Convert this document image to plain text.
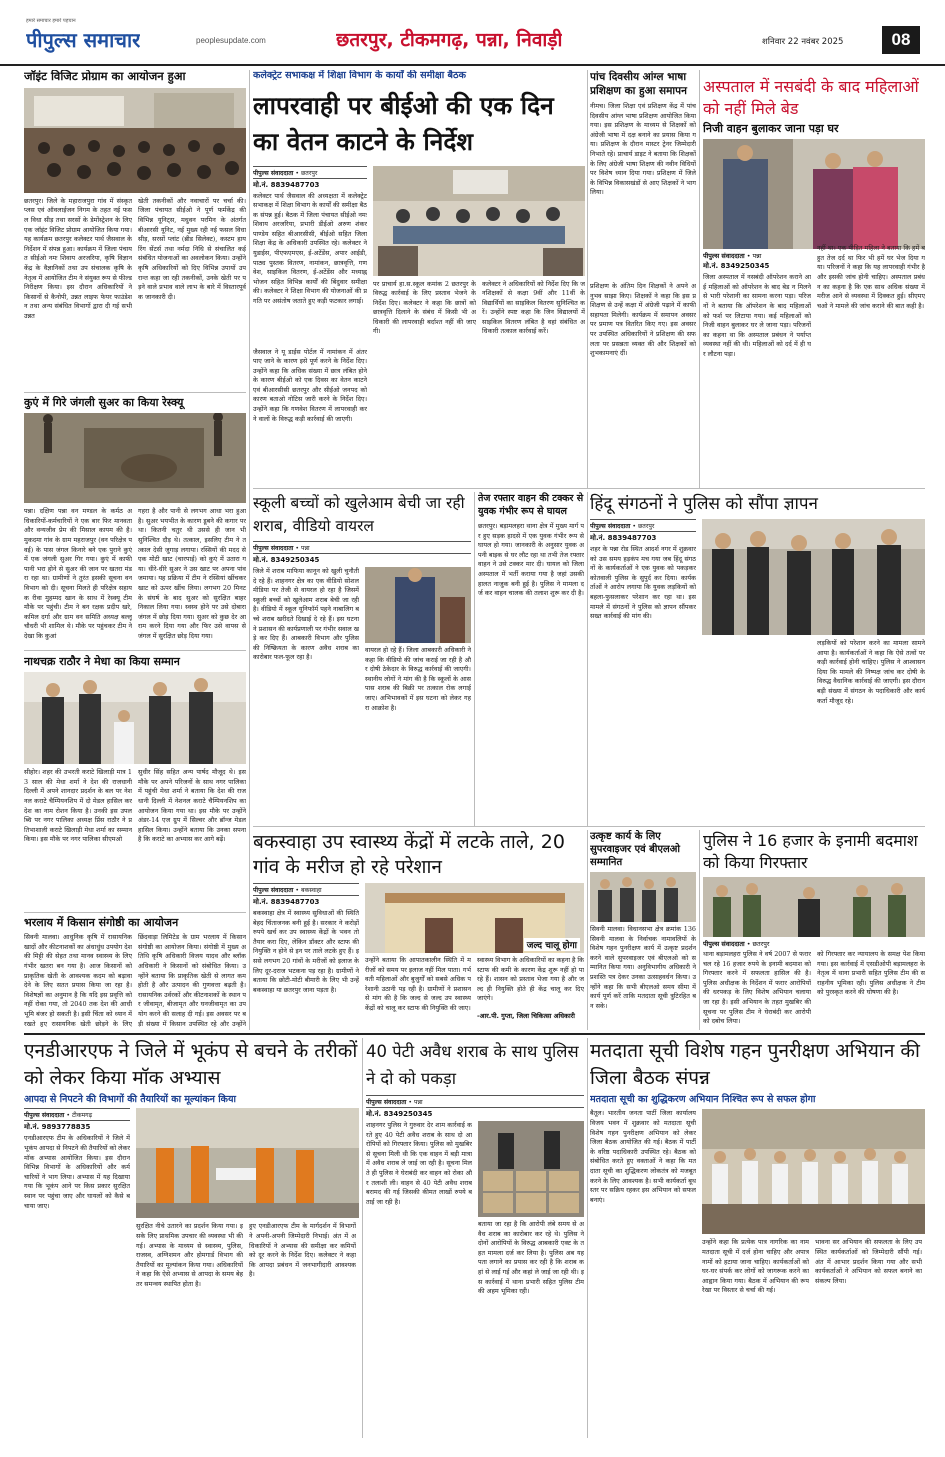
हमारे समाचार हमारे पहचान
पीपुल्स समाचार	peoplesupdate.com	छतरपुर, टीकमगढ़, पन्ना, निवाड़ी	शनिवार 22 नवंबर 2025	08
जॉइंट विजिट प्रोग्राम का आयोजन हुआ
छतरपुर। जिले के महाराजपुरा गांव में संस्कृत प्लस एवं ऑवलाईजन निगम के तहत नई फसल विधा सीड़ तथा सरसों के डेमोंस्ट्रेशन के लिए एक जॉइंट विजिट प्रोग्राम आयोजित किया गया। यह कार्यक्रम छतरपुर कलेक्टर पार्थ जैसवाल के निर्देशन में संपन्न हुआ। कार्यक्रम में जिला पंचायत सीईओ नमः शिवाय अरजरिया, कृषि विज्ञान केंद्र के वैज्ञानिकों तथा उप संचालक कृषि के नेतृत्व में आयोजित टीम ने संयुक्त रूप से फील्ड निरीक्षण किया। इस दौरान अधिकारियों ने किसानों से कैनोपी, उन्नत लाइफ फेयर फाउंडेशन तथा अन्य संबंधित विभागों द्वारा दी गई सभी उन्नत
खेती तकनीकों और नवाचारों पर चर्चा की। जिला पंचायत सीईओ ने पूर्ण फर्मकेंद्र की विभिन्न यूनिट्स, मधुवन परमिन के अंतर्गत बीआरसी यूनिट, नई मुख्य रही नई फसल विधा सीड़, सरसों प्लांट (ब्रीड सिलेक्ट), कस्टम हायरिंग सेंटर्स तथा नर्मदा निधि से संचालित कई संबंधित योजनाओं का अवलोकन किया। उन्होंने कृषि अधिकारियों को दिए विभिन्न उपायों उपरान्त कहा जा रही तकनीकों, उनके खेती पर पड़ने वाले प्रभाव वाले लाभ के बारे में विस्तारपूर्वक जानकारी दी।
कुएं में गिरे जंगली सुअर का किया रेस्क्यू
पन्ना। दक्षिण पन्ना वन मण्डल के कर्मठ अधिकारियों-कर्मचारियों ने एक बार फिर मानवता और वन्यजीव प्रेम की मिसाल कायम की है। मुकदमा गांव के ग्राम महराजपुर (वन परिक्षेत्र पवई) के पास जंगल किनारे बने एक पुराने कुएं में एक जंगली सुअर गिर गया। कुएं में काफी पानी भरा होने से सुअर की जान पर खतरा मंडरा रहा था। ग्रामीणों ने तुरंत इसकी सूचना वन विभाग को दी। सूचना मिलते ही परिक्षेत्र सहायक रीवा मुहम्मद खान के साथ में रेस्क्यू टीम मौके पर पहुंची। टीम ने बन रक्षक प्रदीप खरे, कमिल दर्गा और ग्राम वन समिति अध्यक्ष बल्लू चौधरी भी शामिल थे। मौके पर पहुंचकर टीम ने देखा कि कुआं
गहरा है और पानी से लगभग आधा भरा हुआ है। सुअर भयभीत के कारण डूबने की कगार पर था। कितनी चतुर थी उससे ही जान भी सुनिश्चित दौड़ थे। तत्काल, इसलिए टीम ने तत्काल देसी जुगाड़ लगाया। रस्सियों की मदद से एक मोटी खाट (चारपाई) को कुएं में उतारा गया। धीरे-धीरे सुअर ने उस खाट पर अपना पांव जमाया। यह प्रक्रिया में टीम ने रस्सियां खींचकर खाट को ऊपर खींच लिया। लगभग 20 मिनट के संघर्ष के बाद सुअर को सुरक्षित बाहर निकाल लिया गया। स्वस्थ होने पर उसे दोबारा जंगल में छोड़ दिया गया। सुअर को कुछ देर आराम करने दिया गया और फिर उसे वापस से जंगल में सुरक्षित छोड़ दिया गया।
नाथचक्र राठौर ने मेधा का किया सम्मान
सीहोर। शहर की उभरती कराटे खिलाड़ी मात्र 13 साल की मेधा शर्मा ने देश की राजधानी दिल्ली में अपने शानदार प्रदर्शन के बल पर नेशनल कराटे चैम्पियनशिप में दो मेडल हासिल कर देश का नाम रोशन किया है। उनकी इस उपलब्धि पर नगर पालिका अध्यक्ष प्रिंस राठौर ने प्रतिभाशाली कराटे खिलाड़ी मेधा शर्मा का सम्मान किया। इस मौके पर नगर पालिका सीएमओ
सुधीर सिंह सहित अन्य पार्षद मौजूद थे। इस मौके पर अपने परिजनों के साथ नगर पालिका में पहुंची मेधा शर्मा ने बताया कि देश की राजधानी दिल्ली में नेशनल कराटे चैम्पियनशिप का आयोजन किया गया था। इस मौके पर उन्होंने अंडर-14 एज ग्रुप में सिल्वर और ब्रॉन्ज मेडल हासिल किया। उन्होंने बताया कि उनका सपना है कि कराटे का अभ्यास कर आगे बढ़ें।
भरलाय में किसान संगोष्ठी का आयोजन
सिवनी मालवा। आधुनिक कृषि में रासायनिक खादों और कीटनाशकों का अंधाधुंध उपयोग देश की मिट्टी की सेहत तथा मानव स्वास्थ्य के लिए गंभीर खतरा बन गया है। आज किसानों को प्राकृतिक खेती के आवश्यक कदम को बढ़ावा देने के लिए सतत प्रयास किया जा रहा है। विशेषज्ञों का अनुमान है कि यदि इस प्रवृत्ति को नहीं रोका गया, तो 2040 तक देश की आधी भूमि बंजर हो सकती है। इसी चिंता को ध्यान में रखते हुए रासायनिक खेती छोड़ने के लिए
छिंदवाड़ा लिमिटेड के ग्राम भरलाय में किसान संगोष्ठी का आयोजन किया। संगोष्ठी में मुख्य अतिथि कृषि अधिकारी विजय यादव और ब्लॉक अधिकारी ने किसानों को संबोधित किया। उन्होंने बताया कि प्राकृतिक खेती से लागत कम होती है और उत्पादन की गुणवत्ता बढ़ती है। रासायनिक उर्वरकों और कीटनाशकों के स्थान पर जीवामृत, बीजामृत और घनजीवामृत का उपयोग करने की सलाह दी गई। इस अवसर पर बड़ी संख्या में किसान उपस्थित रहे और उन्होंने
कलेक्ट्रेट सभाकक्ष में शिक्षा विभाग के कार्यों की समीक्षा बैठक
लापरवाही पर बीईओ की एक दिन का वेतन काटने के निर्देश
पीपुल्स संवाददाता • छतरपुर
मो.नं. 8839487703
कलेक्टर पार्थ जैसवाल की अध्यक्षता में कलेक्ट्रेट सभाकक्ष में शिक्षा विभाग के कार्यों की समीक्षा बैठक संपन्न हुई। बैठक में जिला पंचायत सीईओ नमः शिवाय अरजरिया, प्रभारी डीईओ अरुण शंकर पाण्डेय सहित बीआरसीसी, बीईओ सहित जिला शिक्षा केंद्र के अधिकारी उपस्थित रहे। कलेक्टर ने युडाईस, पीएफएमएस, ई-अटेंडेंस, अपार आईडी, पाठ्य पुस्तक वितरण, नामांकन, छात्रवृत्ति, गणवेश, साइकिल वितरण, ई-अटेंडेंस और मध्याह्न भोजन सहित विभिन्न कार्यों की बिंदुवार समीक्षा की। कलेक्टर ने शिक्षा विभाग की योजनाओं की प्रगति पर असंतोष जताते हुए कड़ी फटकार लगाई।
जैसवाल ने यू डाईस पोर्टल में नामांकन में अंतर पाए जाने के कारण इसे पूर्ण करने के निर्देश दिए। उन्होंने कहा कि अधिक संख्या में छात्र लंबित होने के कारण बीईओ को एक दिवस का वेतन काटने एवं बीआरसीसी छतरपुर और सीईओ जनपद को कारण बताओ नोटिस जारी करने के निर्देश दिए। उन्होंने कहा कि गणवेश वितरण में लापरवाही करने वालों के विरुद्ध कड़ी कार्रवाई की जाएगी।
पर प्राचार्य हा.स.स्कूल कमांक 2 छतरपुर के विरुद्ध कार्रवाई के लिए प्रस्ताव भेजने के निर्देश दिए। कलेक्टर ने कहा कि छात्रों को छात्रवृत्ति दिलाने के संबंध में किसी भी अधिकारी की लापरवाही बर्दाश्त नहीं की जाएगी।
कलेक्टर ने अधिकारियों को निर्देश दिए कि जनशिक्षकों से कक्षा 9वीं और 11वीं के विद्यार्थियों का साइकिल वितरण सुनिश्चित करें। उन्होंने स्पष्ट कहा कि जिन विद्यालयों में साइकिल वितरण लंबित है वहां संबंधित अधिकारी तत्काल कार्रवाई करें।
पांच दिवसीय आंग्ल भाषा प्रशिक्षण का हुआ समापन
नीमच। जिला शिक्षा एवं प्रशिक्षण केंद्र में पांच दिवसीय आंग्ल भाषा प्रशिक्षण आयोजित किया गया। इस प्रशिक्षण के माध्यम से शिक्षकों को अंग्रेजी भाषा में दक्ष बनाने का प्रयास किया गया। प्रशिक्षण के दौरान मास्टर ट्रेनर जिम्मेदारी निभाते रहे। प्राचार्य डाइट ने बताया कि शिक्षकों के लिए अंग्रेजी भाषा शिक्षण की नवीन विधियों पर विशेष ध्यान दिया गया। प्रशिक्षण में जिले के विभिन्न विकासखंडों से आए शिक्षकों ने भाग लिया।
प्रशिक्षण के अंतिम दिन शिक्षकों ने अपने अनुभव साझा किए। शिक्षकों ने कहा कि इस प्रशिक्षण से उन्हें कक्षा में अंग्रेजी पढ़ाने में काफी सहायता मिलेगी। कार्यक्रम में समापन अवसर पर प्रमाण पत्र वितरित किए गए। इस अवसर पर उपस्थित अधिकारियों ने प्रशिक्षण की सफलता पर प्रसन्नता व्यक्त की और शिक्षकों को शुभकामनाएं दीं।
अस्पताल में नसबंदी के बाद महिलाओं को नहीं मिले बेड
निजी वाहन बुलाकर जाना पड़ा घर
पीपुल्स संवाददाता • पन्ना
मो.नं. 8349250345
जिला अस्पताल में नसबंदी ऑपरेशन कराने आई महिलाओं को ऑपरेशन के बाद बेड न मिलने से भारी परेशानी का सामना करना पड़ा। परिजनों ने बताया कि ऑपरेशन के बाद महिलाओं को फर्श पर लिटाया गया। कई महिलाओं को निजी वाहन बुलाकर घर ले जाना पड़ा। परिजनों का कहना था कि अस्पताल प्रबंधन ने पर्याप्त व्यवस्था नहीं की थी। महिलाओं को दर्द में ही घर लौटना पड़ा।
नहीं था। एक पीड़ित महिला ने बताया कि हमें बहुत तेज दर्द था फिर भी हमें घर भेज दिया गया। परिजनों ने कहा कि यह लापरवाही गंभीर है और इसकी जांच होनी चाहिए। अस्पताल प्रबंधन का कहना है कि एक साथ अधिक संख्या में मरीज आने से व्यवस्था में दिक्कत हुई। सीएमएचओ ने मामले की जांच कराने की बात कही है।
स्कूली बच्चों को खुलेआम बेची जा रही शराब, वीडियो वायरल
पीपुल्स संवाददाता • पन्ना
मो.नं. 8349250345
जिले में शराब माफिया कानून को खुली चुनौती दे रहे हैं। शाहनगर क्षेत्र का एक वीडियो सोशल मीडिया पर तेजी से वायरल हो रहा है जिसमें स्कूली बच्चों को खुलेआम शराब बेची जा रही है। वीडियो में स्कूल यूनिफॉर्म पहने नाबालिग बच्चे शराब खरीदते दिखाई दे रहे हैं। इस घटना ने प्रशासन की कार्यप्रणाली पर गंभीर सवाल खड़े कर दिए हैं। आबकारी विभाग और पुलिस की निष्क्रियता के कारण अवैध शराब का कारोबार फल-फूल रहा है।
वायरल हो रहे हैं। जिला आबकारी अधिकारी ने कहा कि वीडियो की जांच कराई जा रही है और दोषी ठेकेदार के विरुद्ध कार्रवाई की जाएगी। स्थानीय लोगों ने मांग की है कि स्कूलों के आसपास शराब की बिक्री पर तत्काल रोक लगाई जाए। अभिभावकों में इस घटना को लेकर गहरा आक्रोश है।
तेज रफ्तार वाहन की टक्कर से युवक गंभीर रूप से घायल
छतरपुर। बड़ामलहरा थाना क्षेत्र में मुख्य मार्ग पर हुए सड़क हादसे में एक युवक गंभीर रूप से घायल हो गया। जानकारी के अनुसार युवक अपनी बाइक से घर लौट रहा था तभी तेज रफ्तार वाहन ने उसे टक्कर मार दी। घायल को जिला अस्पताल में भर्ती कराया गया है जहां उसकी हालत नाजुक बनी हुई है। पुलिस ने मामला दर्ज कर वाहन चालक की तलाश शुरू कर दी है।
हिंदू संगठनों ने पुलिस को सौंपा ज्ञापन
पीपुल्स संवाददाता • छतरपुर
मो.नं. 8839487703
शहर के पन्ना रोड स्थित आदर्श नगर में शुक्रवार को उस समय हड़कंप मच गया जब हिंदू संगठनों के कार्यकर्ताओं ने एक युवक को पकड़कर कोतवाली पुलिस के सुपुर्द कर दिया। कार्यकर्ताओं ने आरोप लगाया कि युवक लड़कियों को बहला-फुसलाकर परेशान कर रहा था। इस मामले में संगठनों ने पुलिस को ज्ञापन सौंपकर सख्त कार्रवाई की मांग की।
लड़कियों को परेशान करने का मामला सामने आया है। कार्यकर्ताओं ने कहा कि ऐसे तत्वों पर कड़ी कार्रवाई होनी चाहिए। पुलिस ने आश्वासन दिया कि मामले की निष्पक्ष जांच कर दोषी के विरुद्ध वैधानिक कार्रवाई की जाएगी। इस दौरान बड़ी संख्या में संगठन के पदाधिकारी और कार्यकर्ता मौजूद रहे।
बकस्वाहा उप स्वास्थ्य केंद्रों में लटके ताले, 20 गांव के मरीज हो रहे परेशान
पीपुल्स संवाददाता • बकस्वाहा
मो.नं. 8839487703
बकस्वाहा क्षेत्र में स्वास्थ्य सुविधाओं की स्थिति बेहद चिंताजनक बनी हुई है। सरकार ने करोड़ों रुपये खर्च कर उप स्वास्थ्य केंद्रों के भवन तो तैयार करा दिए, लेकिन डॉक्टर और स्टाफ की नियुक्ति न होने से इन पर ताले लटके हुए हैं। इससे लगभग 20 गांवों के मरीजों को इलाज के लिए दूर-दराज भटकना पड़ रहा है। ग्रामीणों ने बताया कि छोटी-मोटी बीमारी के लिए भी उन्हें बकस्वाहा या छतरपुर जाना पड़ता है।
जल्द चालू होगा
उन्होंने बताया कि आपातकालीन स्थिति में मरीजों को समय पर इलाज नहीं मिल पाता। गर्भवती महिलाओं और बुजुर्गों को सबसे अधिक परेशानी उठानी पड़ रही है। ग्रामीणों ने प्रशासन से मांग की है कि जल्द से जल्द उप स्वास्थ्य केंद्रों को चालू कर स्टाफ की नियुक्ति की जाए।
स्वास्थ्य विभाग के अधिकारियों का कहना है कि स्टाफ की कमी के कारण केंद्र शुरू नहीं हो पा रहे हैं। शासन को प्रस्ताव भेजा गया है और जल्द ही नियुक्ति होते ही केंद्र चालू कर दिए जाएंगे।
-आर.पी. गुप्ता, जिला चिकित्सा अधिकारी
उत्कृष्ट कार्य के लिए सुपरवाइजर एवं बीएलओ सम्मानित
सिवनी मालवा। विधानसभा क्षेत्र क्रमांक 136 सिवनी मालवा के निर्वाचक नामावलियों के विशेष गहन पुनरीक्षण कार्य में उत्कृष्ट प्रदर्शन करने वाले सुपरवाइजर एवं बीएलओ को सम्मानित किया गया। अनुविभागीय अधिकारी ने प्रशस्ति पत्र देकर उनका उत्साहवर्धन किया। उन्होंने कहा कि सभी बीएलओ समय सीमा में कार्य पूर्ण करें ताकि मतदाता सूची त्रुटिरहित बन सके।
पुलिस ने 16 हजार के इनामी बदमाश को किया गिरफ्तार
पीपुल्स संवाददाता • छतरपुर
थाना बड़ामलहरा पुलिस ने वर्ष 2007 से फरार चल रहे 16 हजार रुपये के इनामी बदमाश को गिरफ्तार करने में सफलता हासिल की है। पुलिस अधीक्षक के निर्देशन में फरार आरोपियों की धरपकड़ के लिए विशेष अभियान चलाया जा रहा है। इसी अभियान के तहत मुखबिर की सूचना पर पुलिस टीम ने घेराबंदी कर आरोपी को दबोच लिया।
को गिरफ्तार कर न्यायालय के समक्ष पेश किया गया। इस कार्रवाई में एसडीओपी बड़ामलहरा के नेतृत्व में थाना प्रभारी सहित पुलिस टीम की सराहनीय भूमिका रही। पुलिस अधीक्षक ने टीम को पुरस्कृत करने की घोषणा की है।
एनडीआरएफ ने जिले में भूकंप से बचने के तरीकों को लेकर किया मॉक अभ्यास
आपदा से निपटने की विभागों की तैयारियों का मूल्यांकन किया
पीपुल्स संवाददाता • टीकमगढ़
मो.नं. 9893778835
एनडीआरएफ टीम के अधिकारियों ने जिले में भूकंप आपदा से निपटने की तैयारियों को लेकर मॉक अभ्यास आयोजित किया। इस दौरान विभिन्न विभागों के अधिकारियों और कर्मचारियों ने भाग लिया। अभ्यास में यह दिखाया गया कि भूकंप आने पर किस प्रकार सुरक्षित स्थान पर पहुंचा जाए और घायलों को कैसे बचाया जाए।
सुरक्षित नीचे उतारने का प्रदर्शन किया गया। इसके लिए प्राथमिक उपचार की व्यवस्था भी की गई। अभ्यास के माध्यम से स्वास्थ्य, पुलिस, राजस्व, अग्निशमन और होमगार्ड विभाग की तैयारियों का मूल्यांकन किया गया। अधिकारियों ने कहा कि ऐसे अभ्यास से आपदा के समय बेहतर समन्वय स्थापित होता है।
हुए एनडीआरएफ टीम के मार्गदर्शन में विभागों ने अपनी-अपनी जिम्मेदारी निभाई। अंत में अधिकारियों ने अभ्यास की समीक्षा कर कमियों को दूर करने के निर्देश दिए। कलेक्टर ने कहा कि आपदा प्रबंधन में जनभागीदारी आवश्यक है।
40 पेटी अवैध शराब के साथ पुलिस ने दो को पकड़ा
पीपुल्स संवाददाता • पन्ना
मो.नं. 8349250345
शाहनगर पुलिस ने गुरुवार देर शाम कार्रवाई करते हुए 40 पेटी अवैध शराब के साथ दो आरोपियों को गिरफ्तार किया। पुलिस को मुखबिर से सूचना मिली थी कि एक वाहन में बड़ी मात्रा में अवैध शराब ले जाई जा रही है। सूचना मिलते ही पुलिस ने घेराबंदी कर वाहन को रोका और तलाशी ली। वाहन से 40 पेटी अवैध शराब बरामद की गई जिसकी कीमत लाखों रुपये बताई जा रही है।
बताया जा रहा है कि आरोपी लंबे समय से अवैध शराब का कारोबार कर रहे थे। पुलिस ने दोनों आरोपियों के विरुद्ध आबकारी एक्ट के तहत मामला दर्ज कर लिया है। पुलिस अब यह पता लगाने का प्रयास कर रही है कि शराब कहां से लाई गई और कहां ले जाई जा रही थी। इस कार्रवाई में थाना प्रभारी सहित पुलिस टीम की अहम भूमिका रही।
मतदाता सूची विशेष गहन पुनरीक्षण अभियान की जिला बैठक संपन्न
मतदाता सूची का शुद्धिकरण अभियान निश्चित रूप से सफल होगा
बैतूल। भारतीय जनता पार्टी जिला कार्यालय विजय भवन में शुक्रवार को मतदाता सूची विशेष गहन पुनरीक्षण अभियान को लेकर जिला बैठक आयोजित की गई। बैठक में पार्टी के वरिष्ठ पदाधिकारी उपस्थित रहे। बैठक को संबोधित करते हुए वक्ताओं ने कहा कि मतदाता सूची का शुद्धिकरण लोकतंत्र को मजबूत करने के लिए आवश्यक है। सभी कार्यकर्ता बूथ स्तर पर सक्रिय रहकर इस अभियान को सफल बनाएं।
उन्होंने कहा कि प्रत्येक पात्र नागरिक का नाम मतदाता सूची में दर्ज होना चाहिए और अपात्र नामों को हटाया जाना चाहिए। कार्यकर्ताओं को घर-घर संपर्क कर लोगों को जागरूक करने का आह्वान किया गया। बैठक में अभियान की रूपरेखा पर विस्तार से चर्चा की गई।
भावना सर अभियान की सफलता के लिए उपस्थित कार्यकर्ताओं को जिम्मेदारी सौंपी गई। अंत में आभार प्रदर्शन किया गया और सभी कार्यकर्ताओं ने अभियान को सफल बनाने का संकल्प लिया।
